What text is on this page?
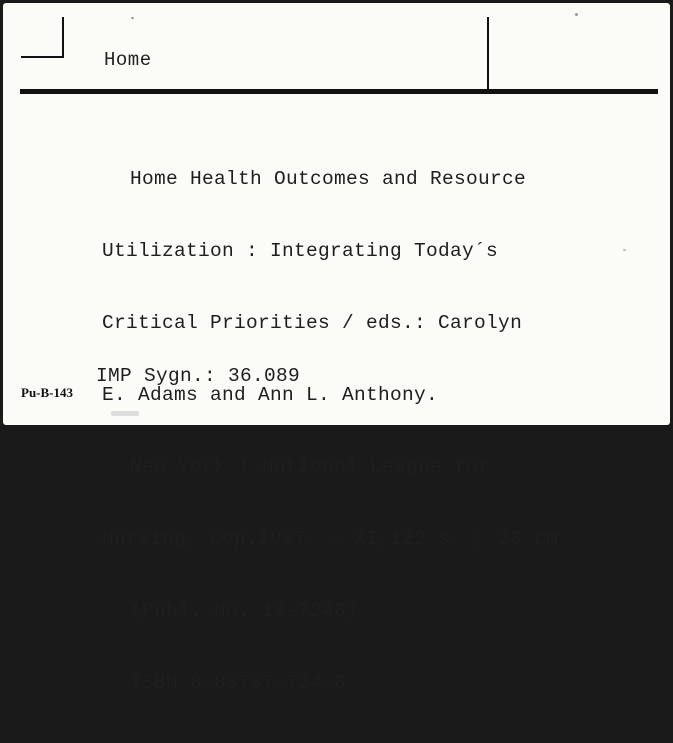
Home

Home Health Outcomes and Resource

Utilization : Integrating Today´s

Critical Priorities / eds.: Carolyn

E. Adams and Ann L. Anthony.

New York : National League for

Nursing, cop.1997. - XI,122 s. ; 23 cm

(Publ. No. 19-7246)

ISBN 0-88737-724-6

IMP Sygn.: 36.089
Pu-B-143
